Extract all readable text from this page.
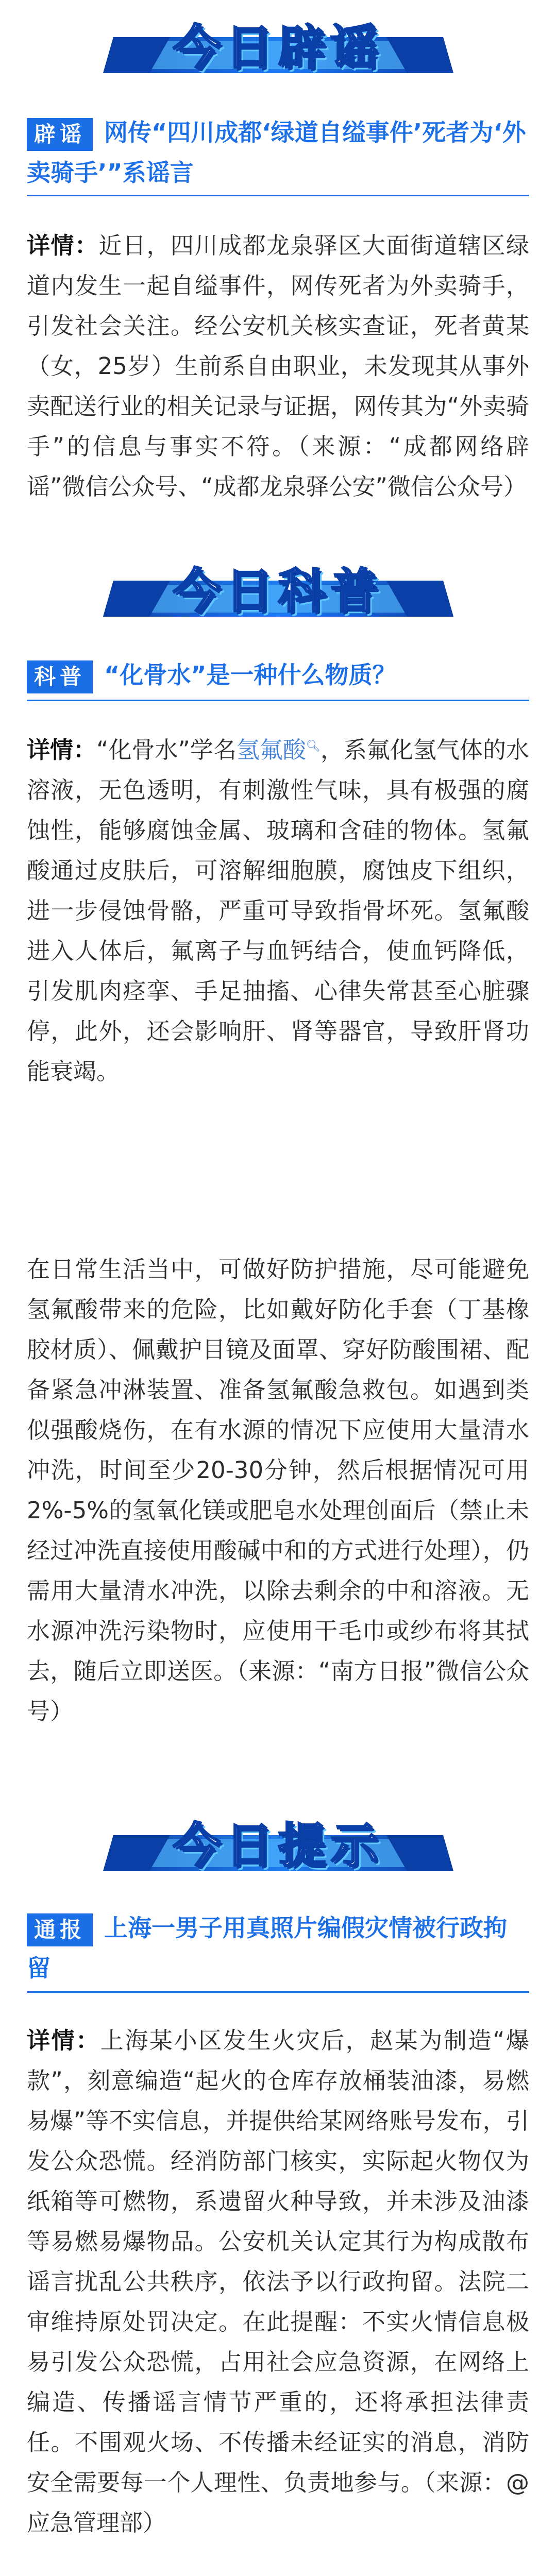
今日辟谣
辟谣 网传“四川成都‘绿道自缢事件’死者为‘外卖骑手’”系谣言

详情：近日，四川成都龙泉驿区大面街道辖区绿道内发生一起自缢事件，网传死者为外卖骑手，引发社会关注。经公安机关核实查证，死者黄某（女，25岁）生前系自由职业，未发现其从事外卖配送行业的相关记录与证据，网传其为“外卖骑手”的信息与事实不符。（来源：“成都网络辟谣”微信公众号、“成都龙泉驿公安”微信公众号）

今日科普
科普 “化骨水”是一种什么物质？

详情：“化骨水”学名氢氟酸🔍︎，系氟化氢气体的水溶液，无色透明，有刺激性气味，具有极强的腐蚀性，能够腐蚀金属、玻璃和含硅的物体。氢氟酸通过皮肤后，可溶解细胞膜，腐蚀皮下组织，进一步侵蚀骨骼，严重可导致指骨坏死。氢氟酸进入人体后，氟离子与血钙结合，使血钙降低，引发肌肉痉挛、手足抽搐、心律失常甚至心脏骤停，此外，还会影响肝、肾等器官，导致肝肾功能衰竭。

在日常生活当中，可做好防护措施，尽可能避免氢氟酸带来的危险，比如戴好防化手套（丁基橡胶材质）、佩戴护目镜及面罩、穿好防酸围裙、配备紧急冲淋装置、准备氢氟酸急救包。如遇到类似强酸烧伤，在有水源的情况下应使用大量清水冲洗，时间至少20-30分钟，然后根据情况可用2%-5%的氢氧化镁或肥皂水处理创面后（禁止未经过冲洗直接使用酸碱中和的方式进行处理），仍需用大量清水冲洗，以除去剩余的中和溶液。无水源冲洗污染物时，应使用干毛巾或纱布将其拭去，随后立即送医。（来源：“南方日报”微信公众号）

今日提示
通报 上海一男子用真照片编假灾情被行政拘留

详情：上海某小区发生火灾后，赵某为制造“爆款”，刻意编造“起火的仓库存放桶装油漆，易燃易爆”等不实信息，并提供给某网络账号发布，引发公众恐慌。经消防部门核实，实际起火物仅为纸箱等可燃物，系遗留火种导致，并未涉及油漆等易燃易爆物品。公安机关认定其行为构成散布谣言扰乱公共秩序，依法予以行政拘留。法院二审维持原处罚决定。在此提醒：不实火情信息极易引发公众恐慌，占用社会应急资源，在网络上编造、传播谣言情节严重的，还将承担法律责任。不围观火场、不传播未经证实的消息，消防安全需要每一个人理性、负责地参与。（来源：@应急管理部）
